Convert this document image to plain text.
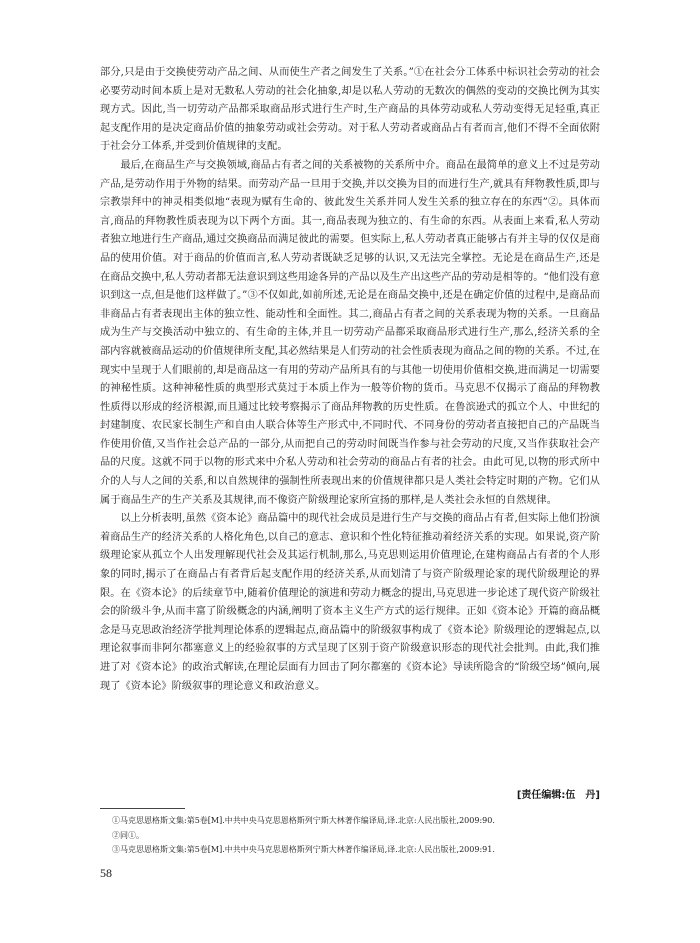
部分,只是由于交换使劳动产品之间、从而使生产者之间发生了关系。”①在社会分工体系中标识社会劳动的社会必要劳动时间本质上是对无数私人劳动的社会化抽象,却是以私人劳动的无数次的偶然的变动的交换比例为其实现方式。因此,当一切劳动产品都采取商品形式进行生产时,生产商品的具体劳动或私人劳动变得无足轻重,真正起支配作用的是决定商品价值的抽象劳动或社会劳动。对于私人劳动者或商品占有者而言,他们不得不全面依附于社会分工体系,并受到价值规律的支配。

最后,在商品生产与交换领域,商品占有者之间的关系被物的关系所中介。商品在最简单的意义上不过是劳动产品,是劳动作用于外物的结果。而劳动产品一旦用于交换,并以交换为目的而进行生产,就具有拜物教性质,即与宗教崇拜中的神灵相类似地“表现为赋有生命的、彼此发生关系并同人发生关系的独立存在的东西”②。具体而言,商品的拜物教性质表现为以下两个方面。其一,商品表现为独立的、有生命的东西。从表面上来看,私人劳动者独立地进行生产商品,通过交换商品而满足彼此的需要。但实际上,私人劳动者真正能够占有并主导的仅仅是商品的使用价值。对于商品的价值而言,私人劳动者既缺乏足够的认识,又无法完全掌控。无论是在商品生产,还是在商品交换中,私人劳动者都无法意识到这些用途各异的产品以及生产出这些产品的劳动是相等的。“他们没有意识到这一点,但是他们这样做了。”③不仅如此,如前所述,无论是在商品交换中,还是在确定价值的过程中,是商品而非商品占有者表现出主体的独立性、能动性和全面性。其二,商品占有者之间的关系表现为物的关系。一旦商品成为生产与交换活动中独立的、有生命的主体,并且一切劳动产品都采取商品形式进行生产,那么,经济关系的全部内容就被商品运动的价值规律所支配,其必然结果是人们劳动的社会性质表现为商品之间的物的关系。不过,在现实中呈现于人们眼前的,却是商品这一有用的劳动产品所具有的与其他一切使用价值相交换,进而满足一切需要的神秘性质。这种神秘性质的典型形式莫过于本质上作为一般等价物的货币。马克思不仅揭示了商品的拜物教性质得以形成的经济根源,而且通过比较考察揭示了商品拜物教的历史性质。在鲁滨逊式的孤立个人、中世纪的封建制度、农民家长制生产和自由人联合体等生产形式中,不同时代、不同身份的劳动者直接把自己的产品既当作使用价值,又当作社会总产品的一部分,从而把自己的劳动时间既当作参与社会劳动的尺度,又当作获取社会产品的尺度。这就不同于以物的形式来中介私人劳动和社会劳动的商品占有者的社会。由此可见,以物的形式所中介的人与人之间的关系,和以自然规律的强制性所表现出来的价值规律都只是人类社会特定时期的产物。它们从属于商品生产的生产关系及其规律,而不像资产阶级理论家所宣扬的那样,是人类社会永恒的自然规律。

以上分析表明,虽然《资本论》商品篇中的现代社会成员是进行生产与交换的商品占有者,但实际上他们扮演着商品生产的经济关系的人格化角色,以自己的意志、意识和个性化特征推动着经济关系的实现。如果说,资产阶级理论家从孤立个人出发理解现代社会及其运行机制,那么,马克思则运用价值理论,在建构商品占有者的个人形象的同时,揭示了在商品占有者背后起支配作用的经济关系,从而划清了与资产阶级理论家的现代阶级理论的界限。在《资本论》的后续章节中,随着价值理论的演进和劳动力概念的提出,马克思进一步论述了现代资产阶级社会的阶级斗争,从而丰富了阶级概念的内涵,阐明了资本主义生产方式的运行规律。正如《资本论》开篇的商品概念是马克思政治经济学批判理论体系的逻辑起点,商品篇中的阶级叙事构成了《资本论》阶级理论的逻辑起点,以理论叙事而非阿尔都塞意义上的经验叙事的方式呈现了区别于资产阶级意识形态的现代社会批判。由此,我们推进了对《资本论》的政治式解读,在理论层面有力回击了阿尔都塞的《资本论》导读所隐含的“阶级空场”倾向,展现了《资本论》阶级叙事的理论意义和政治意义。

[责任编辑:伍　丹]
①马克思恩格斯文集:第5卷[M].中共中央马克思恩格斯列宁斯大林著作编译局,译.北京:人民出版社,2009:90.
②同①。
③马克思恩格斯文集:第5卷[M].中共中央马克思恩格斯列宁斯大林著作编译局,译.北京:人民出版社,2009:91.
58
